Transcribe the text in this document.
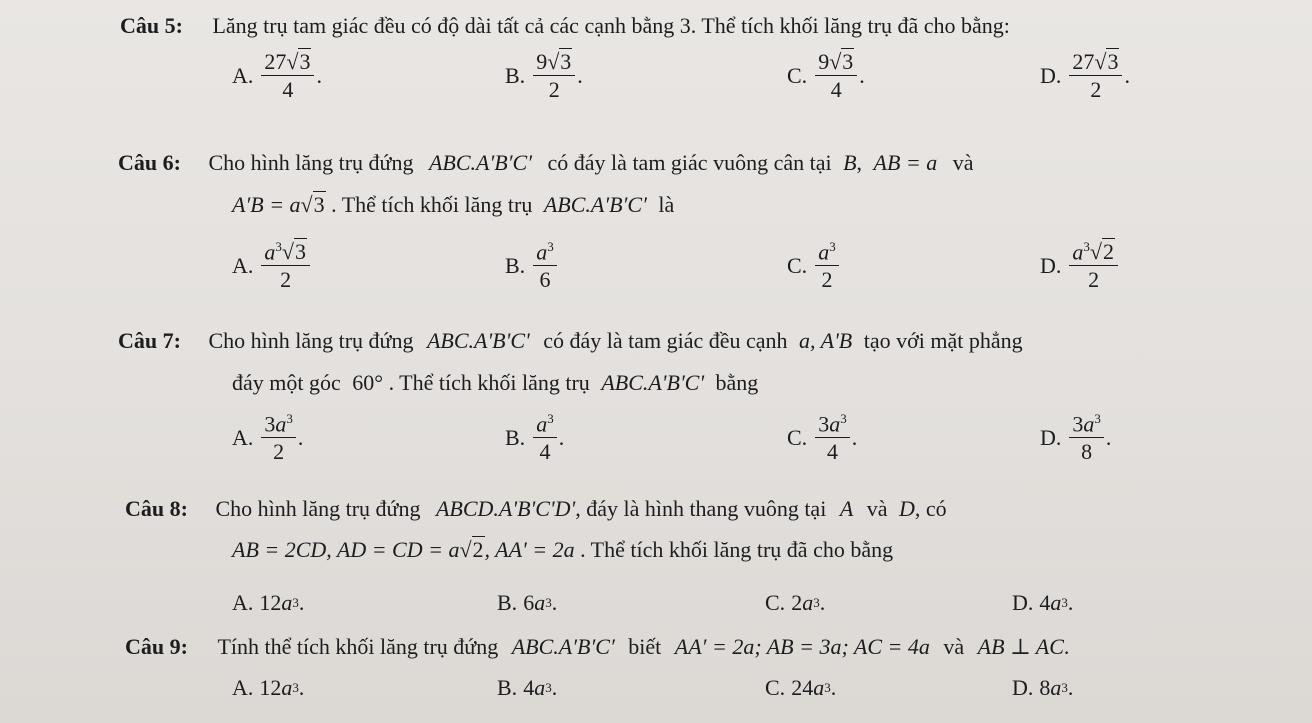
Câu 5: Lăng trụ tam giác đều có độ dài tất cả các cạnh bằng 3. Thể tích khối lăng trụ đã cho bằng:
A. $\frac{27√3}{4}$ .	B. $\frac{9√3}{2}$ .	C. $\frac{9√3}{4}$ .	D. $\frac{27√3}{2}$ .
Câu 6: Cho hình lăng trụ đứng ABC.A′B′C′ có đáy là tam giác vuông cân tại B, AB = a và
A′B = a√3 . Thể tích khối lăng trụ ABC.A′B′C′ là
A. $\frac{a^3√3}{2}$	B. $\frac{a^3}{6}$	C. $\frac{a^3}{2}$	D. $\frac{a^3√2}{2}$
Câu 7: Cho hình lăng trụ đứng ABC.A'B'C' có đáy là tam giác đều cạnh a, A'B tạo với mặt phẳng
đáy một góc 60° . Thể tích khối lăng trụ ABC.A'B'C' bằng
A. $\frac{3a^3}{2}$ .	B. $\frac{a^3}{4}$ .	C. $\frac{3a^3}{4}$ .	D. $\frac{3a^3}{8}$ .
Câu 8: Cho hình lăng trụ đứng ABCD.A'B'C'D', đáy là hình thang vuông tại A và D, có
AB = 2CD, AD = CD = a√2, AA' = 2a . Thể tích khối lăng trụ đã cho bằng
A. 12 a 3 .	B. 6 a 3 .	C. 2 a 3 .	D. 4 a 3 .
Câu 9: Tính thể tích khối lăng trụ đứng ABC.A′B′C′ biết AA′ = 2a; AB = 3a; AC = 4a và AB ⊥ AC.
A. 12 a 3 .	B. 4 a 3 .	C. 24 a 3 .	D. 8 a 3 .
